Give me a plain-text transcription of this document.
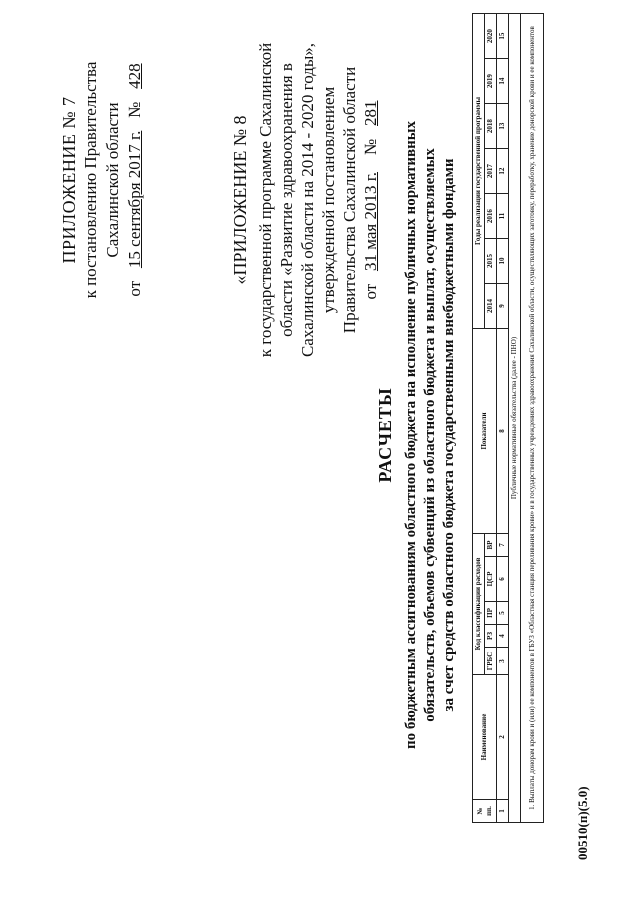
ПРИЛОЖЕНИЕ № 7 к постановлению Правительства Сахалинской области
от   15 сентября 2017 г.   №   428
«ПРИЛОЖЕНИЕ № 8 к государственной программе Сахалинской области «Развитие здравоохранения в Сахалинской области на 2014 - 2020 годы», утвержденной постановлением Правительства Сахалинской области от   31 мая 2013 г.    №   281
РАСЧЕТЫ по бюджетным ассигнованиям областного бюджета на исполнение публичных нормативных обязательств, объемов субвенций из областного бюджета и выплат, осуществляемых за счет средств областного бюджета государственными внебюджетными фондами
№ пп.	Наименование	Код классификации расходов					Показатели	Годы реализации государственной программы						
		ГРБС	РЗ	ПР	ЦСР	ВР		2014	2015	2016	2017	2018	2019	2020
1	2	3	4	5	6	7	8	9	10	11	12	13	14	15
Публичные нормативные обязательства (далее - ПНО)														
1. Выплаты донорам крови и (или) ее компонентов в ГБУЗ «Областная станция переливания крови» и в государственных учреждениях здравоохранения Сахалинской области, осуществляющих заготовку, переработку, хранение донорской крови и ее компонентов														
00510(п)(5.0)
